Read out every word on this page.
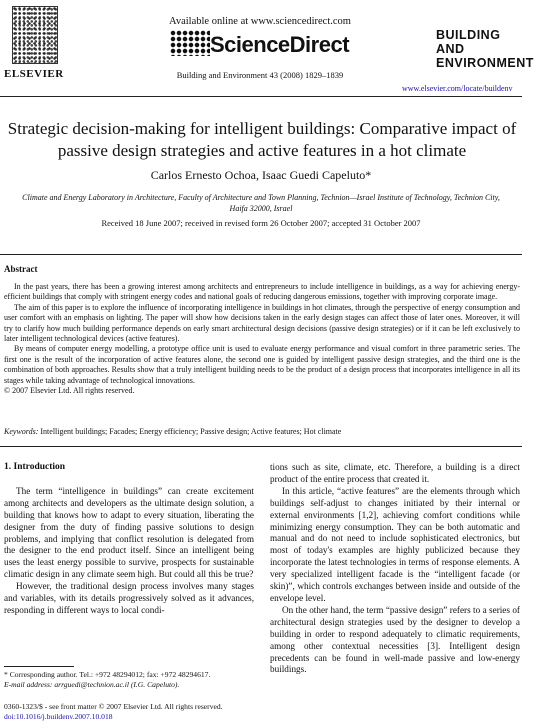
ARTICLE IN PRESS
ELSEVIER
Available online at www.sciencedirect.com
ScienceDirect
Building and Environment 43 (2008) 1829–1839
BUILDING AND
ENVIRONMENT
www.elsevier.com/locate/buildenv
Strategic decision-making for intelligent buildings: Comparative impact of passive design strategies and active features in a hot climate
Carlos Ernesto Ochoa, Isaac Guedi Capeluto*
Climate and Energy Laboratory in Architecture, Faculty of Architecture and Town Planning, Technion—Israel Institute of Technology, Technion City, Haifa 32000, Israel
Received 18 June 2007; received in revised form 26 October 2007; accepted 31 October 2007
Abstract

In the past years, there has been a growing interest among architects and entrepreneurs to include intelligence in buildings, as a way for achieving energy-efficient buildings that comply with stringent energy codes and national goals of reducing dangerous emissions, together with improving corporate image.

The aim of this paper is to explore the influence of incorporating intelligence in buildings in hot climates, through the perspective of energy consumption and user comfort with an emphasis on lighting. The paper will show how decisions taken in the early design stages can affect those of later ones. Moreover, it will try to clarify how much building performance depends on early smart architectural design decisions (passive design strategies) or if it can be left exclusively to later intelligent technological devices (active features).

By means of computer energy modelling, a prototype office unit is used to evaluate energy performance and visual comfort in three parametric series. The first one is the result of the incorporation of active features alone, the second one is guided by intelligent passive design strategies, and the third one is the combination of both approaches. Results show that a truly intelligent building needs to be the product of a design process that incorporates intelligence in all its stages while taking advantage of technological innovations.

© 2007 Elsevier Ltd. All rights reserved.

Keywords: Intelligent buildings; Facades; Energy efficiency; Passive design; Active features; Hot climate

1. Introduction

The term “intelligence in buildings” can create excitement among architects and developers as the ultimate design solution, a building that knows how to adapt to every situation, liberating the designer from the duty of finding passive solutions to design problems, and implying that conflict resolution is delegated from the designer to the end product itself. Since an intelligent being uses the least energy possible to survive, prospects for sustainable climatic design in any climate seem high. But could all this be true?

However, the traditional design process involves many stages and variables, with its details progressively solved as it advances, responding in different ways to local condi-

tions such as site, climate, etc. Therefore, a building is a direct product of the entire process that created it.

In this article, “active features” are the elements through which buildings self-adjust to changes initiated by their internal or external environments [1,2], achieving comfort conditions while minimizing energy consumption. They can be both automatic and manual and do not need to include sophisticated electronics, but most of today's examples are highly publicized because they incorporate the latest technologies in terms of response elements. A very specialized intelligent facade is the “intelligent facade (or skin)”, which controls exchanges between inside and outside of the envelope level.

On the other hand, the term “passive design” refers to a series of architectural design strategies used by the designer to develop a building in order to respond adequately to climatic requirements, among other contextual necessities [3]. Intelligent design precedents can be found in well-made passive and low-energy buildings.

* Corresponding author. Tel.: +972 48294012; fax: +972 48294617.
E-mail address: arrguedi@technion.ac.il (I.G. Capeluto).
0360-1323/$ - see front matter © 2007 Elsevier Ltd. All rights reserved.
doi:10.1016/j.buildenv.2007.10.018
